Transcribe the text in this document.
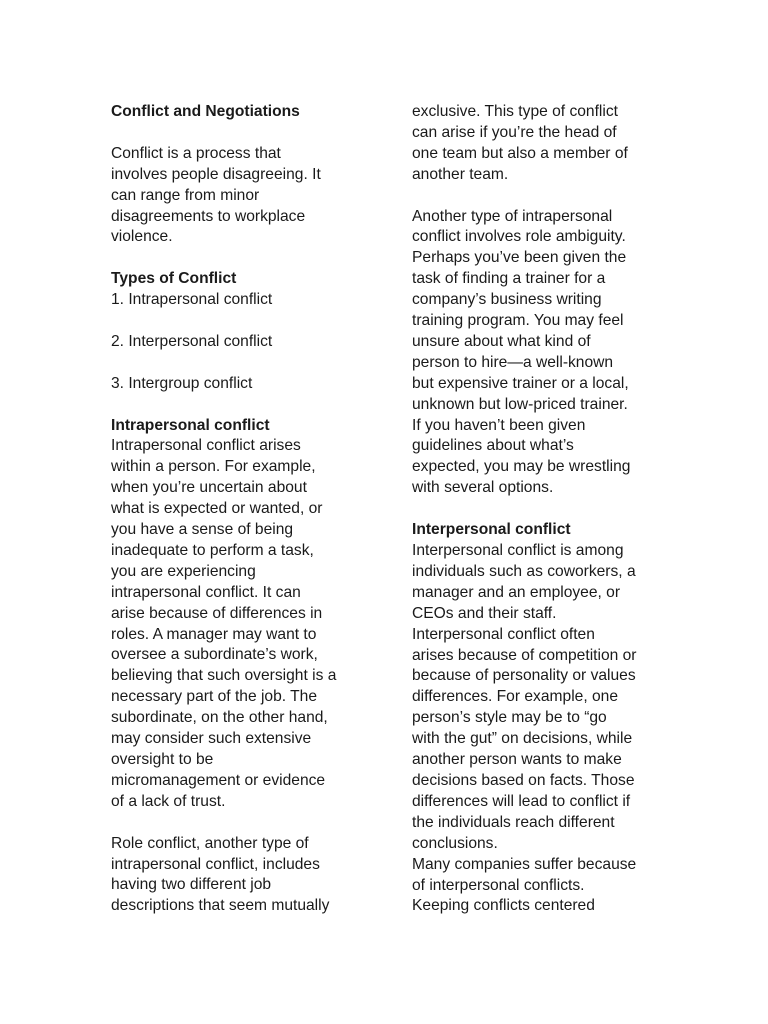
Conflict and Negotiations
Conflict is a process that
involves people disagreeing. It
can range from minor
disagreements to workplace
violence.
Types of Conflict
1. Intrapersonal conflict
2. Interpersonal conflict
3. Intergroup conflict
Intrapersonal conflict
Intrapersonal conflict arises
within a person. For example,
when you’re uncertain about
what is expected or wanted, or
you have a sense of being
inadequate to perform a task,
you are experiencing
intrapersonal conflict. It can
arise because of differences in
roles. A manager may want to
oversee a subordinate’s work,
believing that such oversight is a
necessary part of the job. The
subordinate, on the other hand,
may consider such extensive
oversight to be
micromanagement or evidence
of a lack of trust.
Role conflict, another type of
intrapersonal conflict, includes
having two different job
descriptions that seem mutually
exclusive. This type of conflict
can arise if you’re the head of
one team but also a member of
another team.
Another type of intrapersonal
conflict involves role ambiguity.
Perhaps you’ve been given the
task of finding a trainer for a
company’s business writing
training program. You may feel
unsure about what kind of
person to hire—a well-known
but expensive trainer or a local,
unknown but low-priced trainer.
If you haven’t been given
guidelines about what’s
expected, you may be wrestling
with several options.
Interpersonal conflict
Interpersonal conflict is among
individuals such as coworkers, a
manager and an employee, or
CEOs and their staff.
Interpersonal conflict often
arises because of competition or
because of personality or values
differences. For example, one
person’s style may be to “go
with the gut” on decisions, while
another person wants to make
decisions based on facts. Those
differences will lead to conflict if
the individuals reach different
conclusions.
Many companies suffer because
of interpersonal conflicts.
Keeping conflicts centered
